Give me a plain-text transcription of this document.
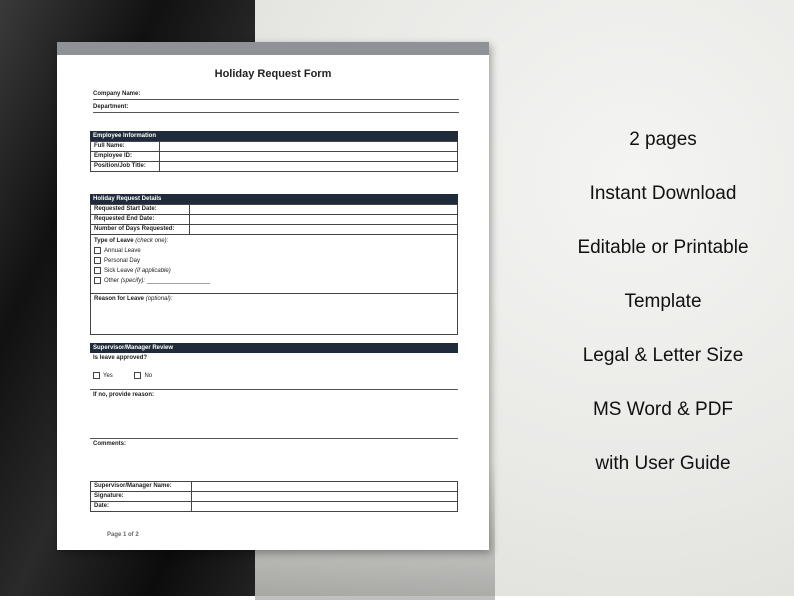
Holiday Request Form
Company Name:
Department:
Employee Information
Full Name:	
Employee ID:	
Position/Job Title:	
Holiday Request Details
Requested Start Date:	
Requested End Date:	
Number of Days Requested:	
Type of Leave (check one):
Annual Leave
Personal Day
Sick Leave (if applicable)
Other (specify): ___________________
Reason for Leave (optional):
Supervisor/Manager Review
Is leave approved?
Yes	No
If no, provide reason:
Comments:
Supervisor/Manager Name:	
Signature:	
Date:	
Page 1 of 2
2 pages
Instant Download
Editable or Printable
Template
Legal & Letter Size
MS Word & PDF
with User Guide
